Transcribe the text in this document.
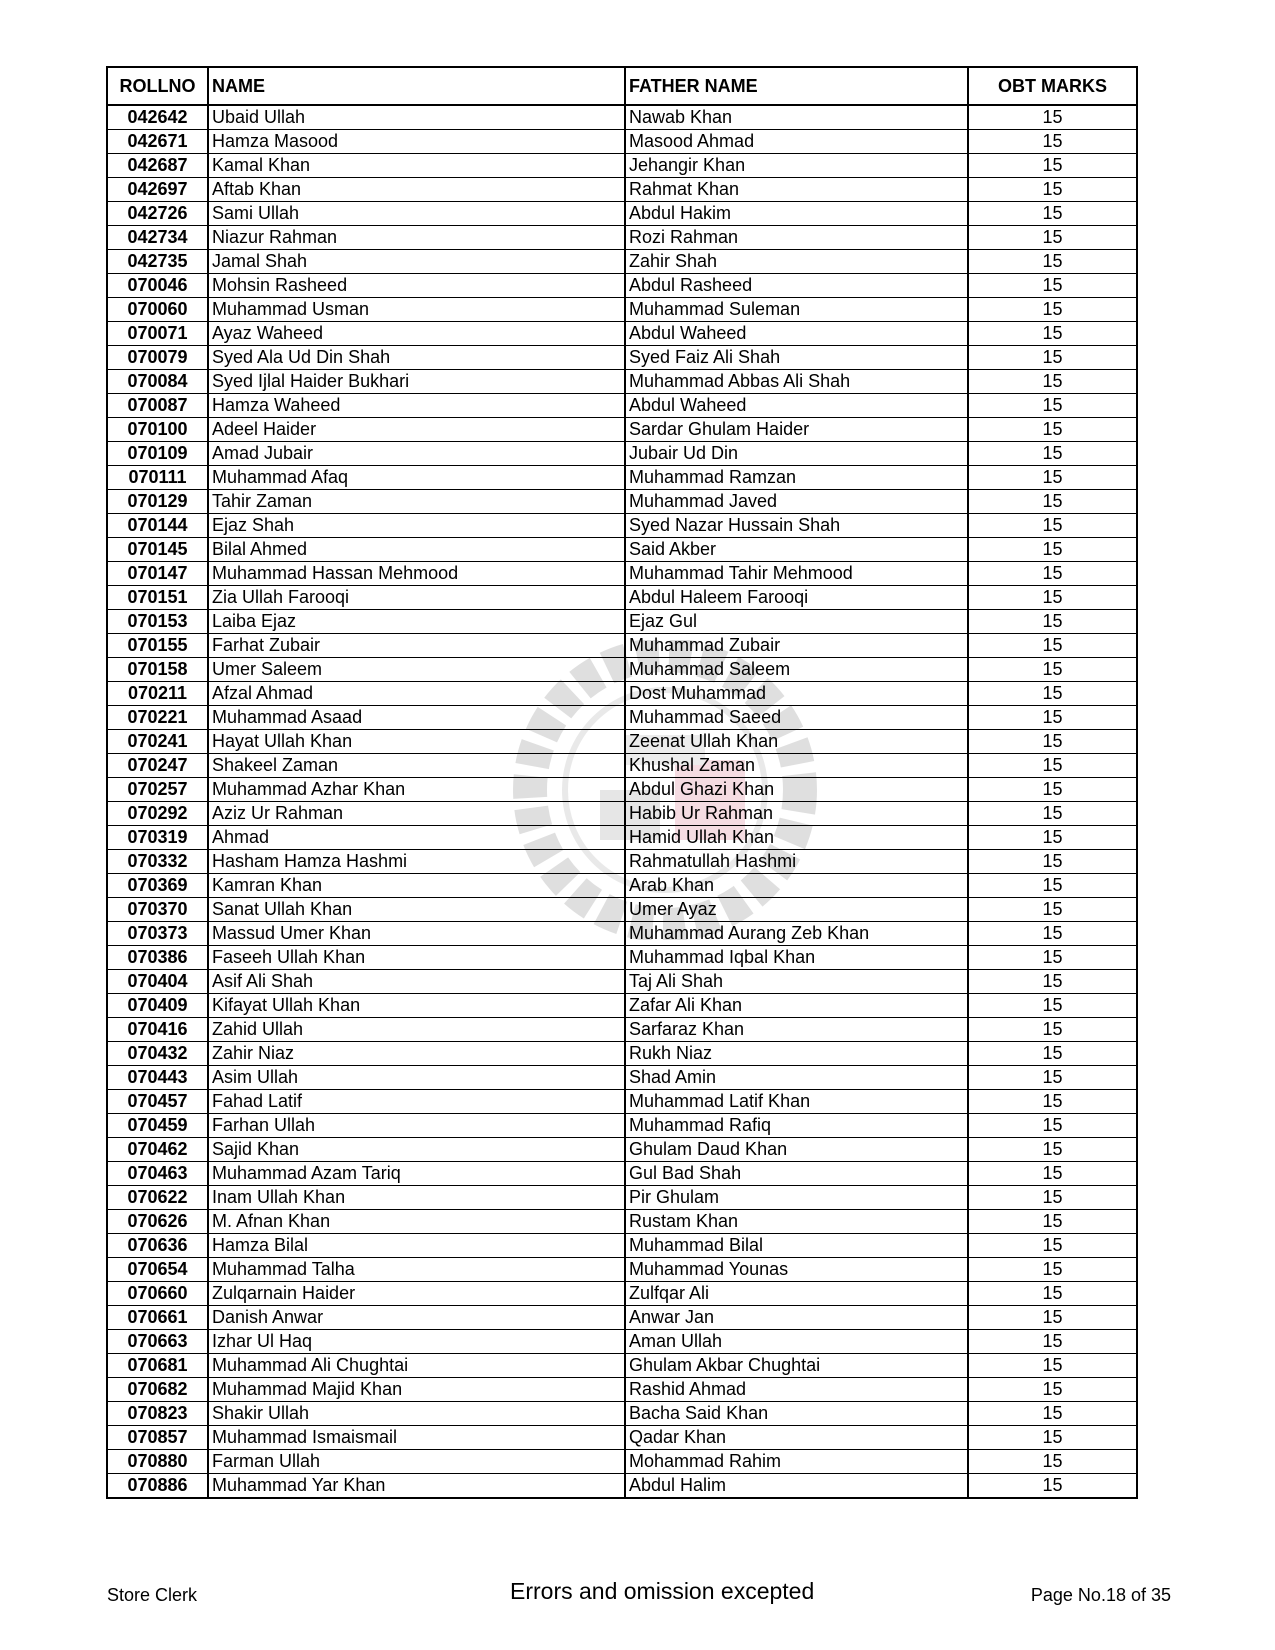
ROLLNO	NAME	FATHER NAME	OBT MARKS
042642	Ubaid Ullah	Nawab Khan	15
042671	Hamza Masood	Masood Ahmad	15
042687	Kamal Khan	Jehangir Khan	15
042697	Aftab Khan	Rahmat Khan	15
042726	Sami Ullah	Abdul Hakim	15
042734	Niazur Rahman	Rozi Rahman	15
042735	Jamal Shah	Zahir Shah	15
070046	Mohsin Rasheed	Abdul Rasheed	15
070060	Muhammad Usman	Muhammad Suleman	15
070071	Ayaz Waheed	Abdul Waheed	15
070079	Syed Ala Ud Din Shah	Syed Faiz Ali Shah	15
070084	Syed Ijlal Haider Bukhari	Muhammad Abbas Ali Shah	15
070087	Hamza Waheed	Abdul Waheed	15
070100	Adeel Haider	Sardar Ghulam Haider	15
070109	Amad Jubair	Jubair Ud Din	15
070111	Muhammad Afaq	Muhammad Ramzan	15
070129	Tahir Zaman	Muhammad Javed	15
070144	Ejaz Shah	Syed Nazar Hussain Shah	15
070145	Bilal Ahmed	Said Akber	15
070147	Muhammad Hassan Mehmood	Muhammad Tahir Mehmood	15
070151	Zia Ullah Farooqi	Abdul Haleem Farooqi	15
070153	Laiba Ejaz	Ejaz Gul	15
070155	Farhat Zubair	Muhammad Zubair	15
070158	Umer Saleem	Muhammad Saleem	15
070211	Afzal Ahmad	Dost Muhammad	15
070221	Muhammad Asaad	Muhammad Saeed	15
070241	Hayat Ullah Khan	Zeenat Ullah Khan	15
070247	Shakeel Zaman	Khushal Zaman	15
070257	Muhammad Azhar Khan	Abdul Ghazi Khan	15
070292	Aziz Ur Rahman	Habib Ur Rahman	15
070319	Ahmad	Hamid Ullah Khan	15
070332	Hasham Hamza Hashmi	Rahmatullah Hashmi	15
070369	Kamran Khan	Arab Khan	15
070370	Sanat Ullah Khan	Umer Ayaz	15
070373	Massud Umer Khan	Muhammad Aurang Zeb Khan	15
070386	Faseeh Ullah Khan	Muhammad Iqbal Khan	15
070404	Asif Ali Shah	Taj Ali Shah	15
070409	Kifayat Ullah Khan	Zafar Ali Khan	15
070416	Zahid Ullah	Sarfaraz Khan	15
070432	Zahir Niaz	Rukh Niaz	15
070443	Asim Ullah	Shad Amin	15
070457	Fahad Latif	Muhammad Latif Khan	15
070459	Farhan Ullah	Muhammad Rafiq	15
070462	Sajid Khan	Ghulam Daud Khan	15
070463	Muhammad Azam Tariq	Gul Bad Shah	15
070622	Inam Ullah Khan	Pir Ghulam	15
070626	M. Afnan Khan	Rustam Khan	15
070636	Hamza Bilal	Muhammad Bilal	15
070654	Muhammad Talha	Muhammad Younas	15
070660	Zulqarnain Haider	Zulfqar Ali	15
070661	Danish Anwar	Anwar Jan	15
070663	Izhar Ul Haq	Aman Ullah	15
070681	Muhammad Ali Chughtai	Ghulam Akbar Chughtai	15
070682	Muhammad Majid Khan	Rashid Ahmad	15
070823	Shakir Ullah	Bacha Said Khan	15
070857	Muhammad Ismaismail	Qadar Khan	15
070880	Farman Ullah	Mohammad Rahim	15
070886	Muhammad Yar Khan	Abdul Halim	15
Store Clerk	Errors and omission excepted	Page No.18 of 35
